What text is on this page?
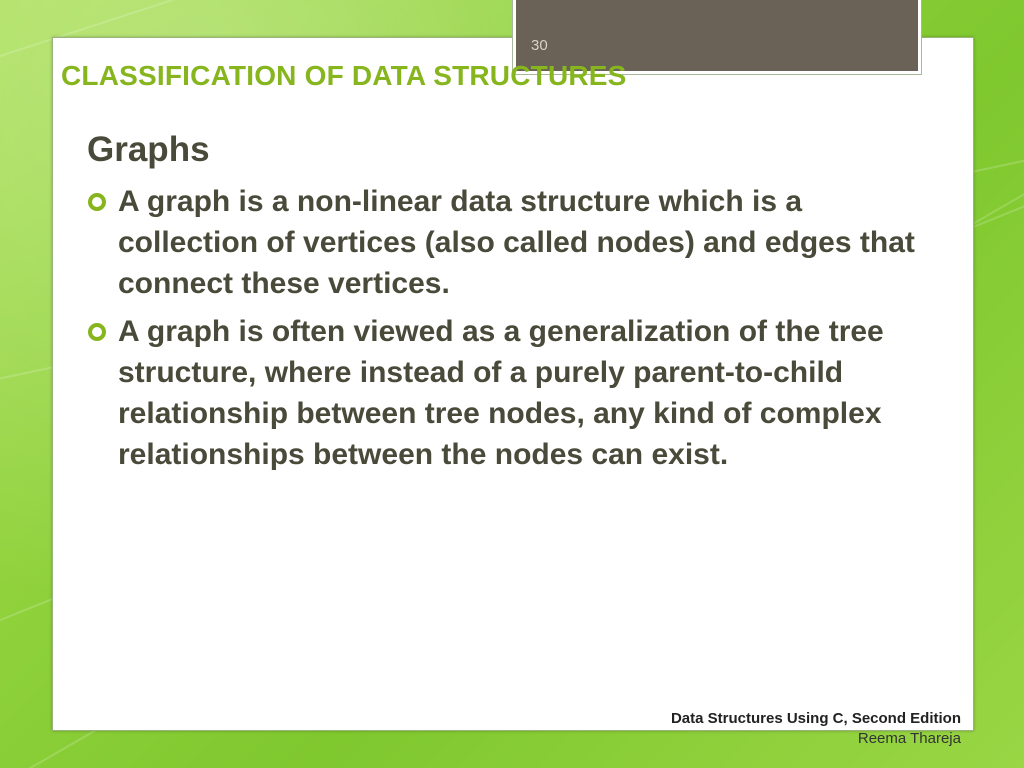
30
CLASSIFICATION OF DATA STRUCTURES
Graphs
A graph is a non-linear data structure which is a collection of vertices (also called nodes) and edges that connect these vertices.
A graph is often viewed as a generalization of the tree structure, where instead of a purely parent-to-child relationship between tree nodes, any kind of complex relationships between the nodes can exist.
Data Structures Using C, Second Edition
Reema Thareja
